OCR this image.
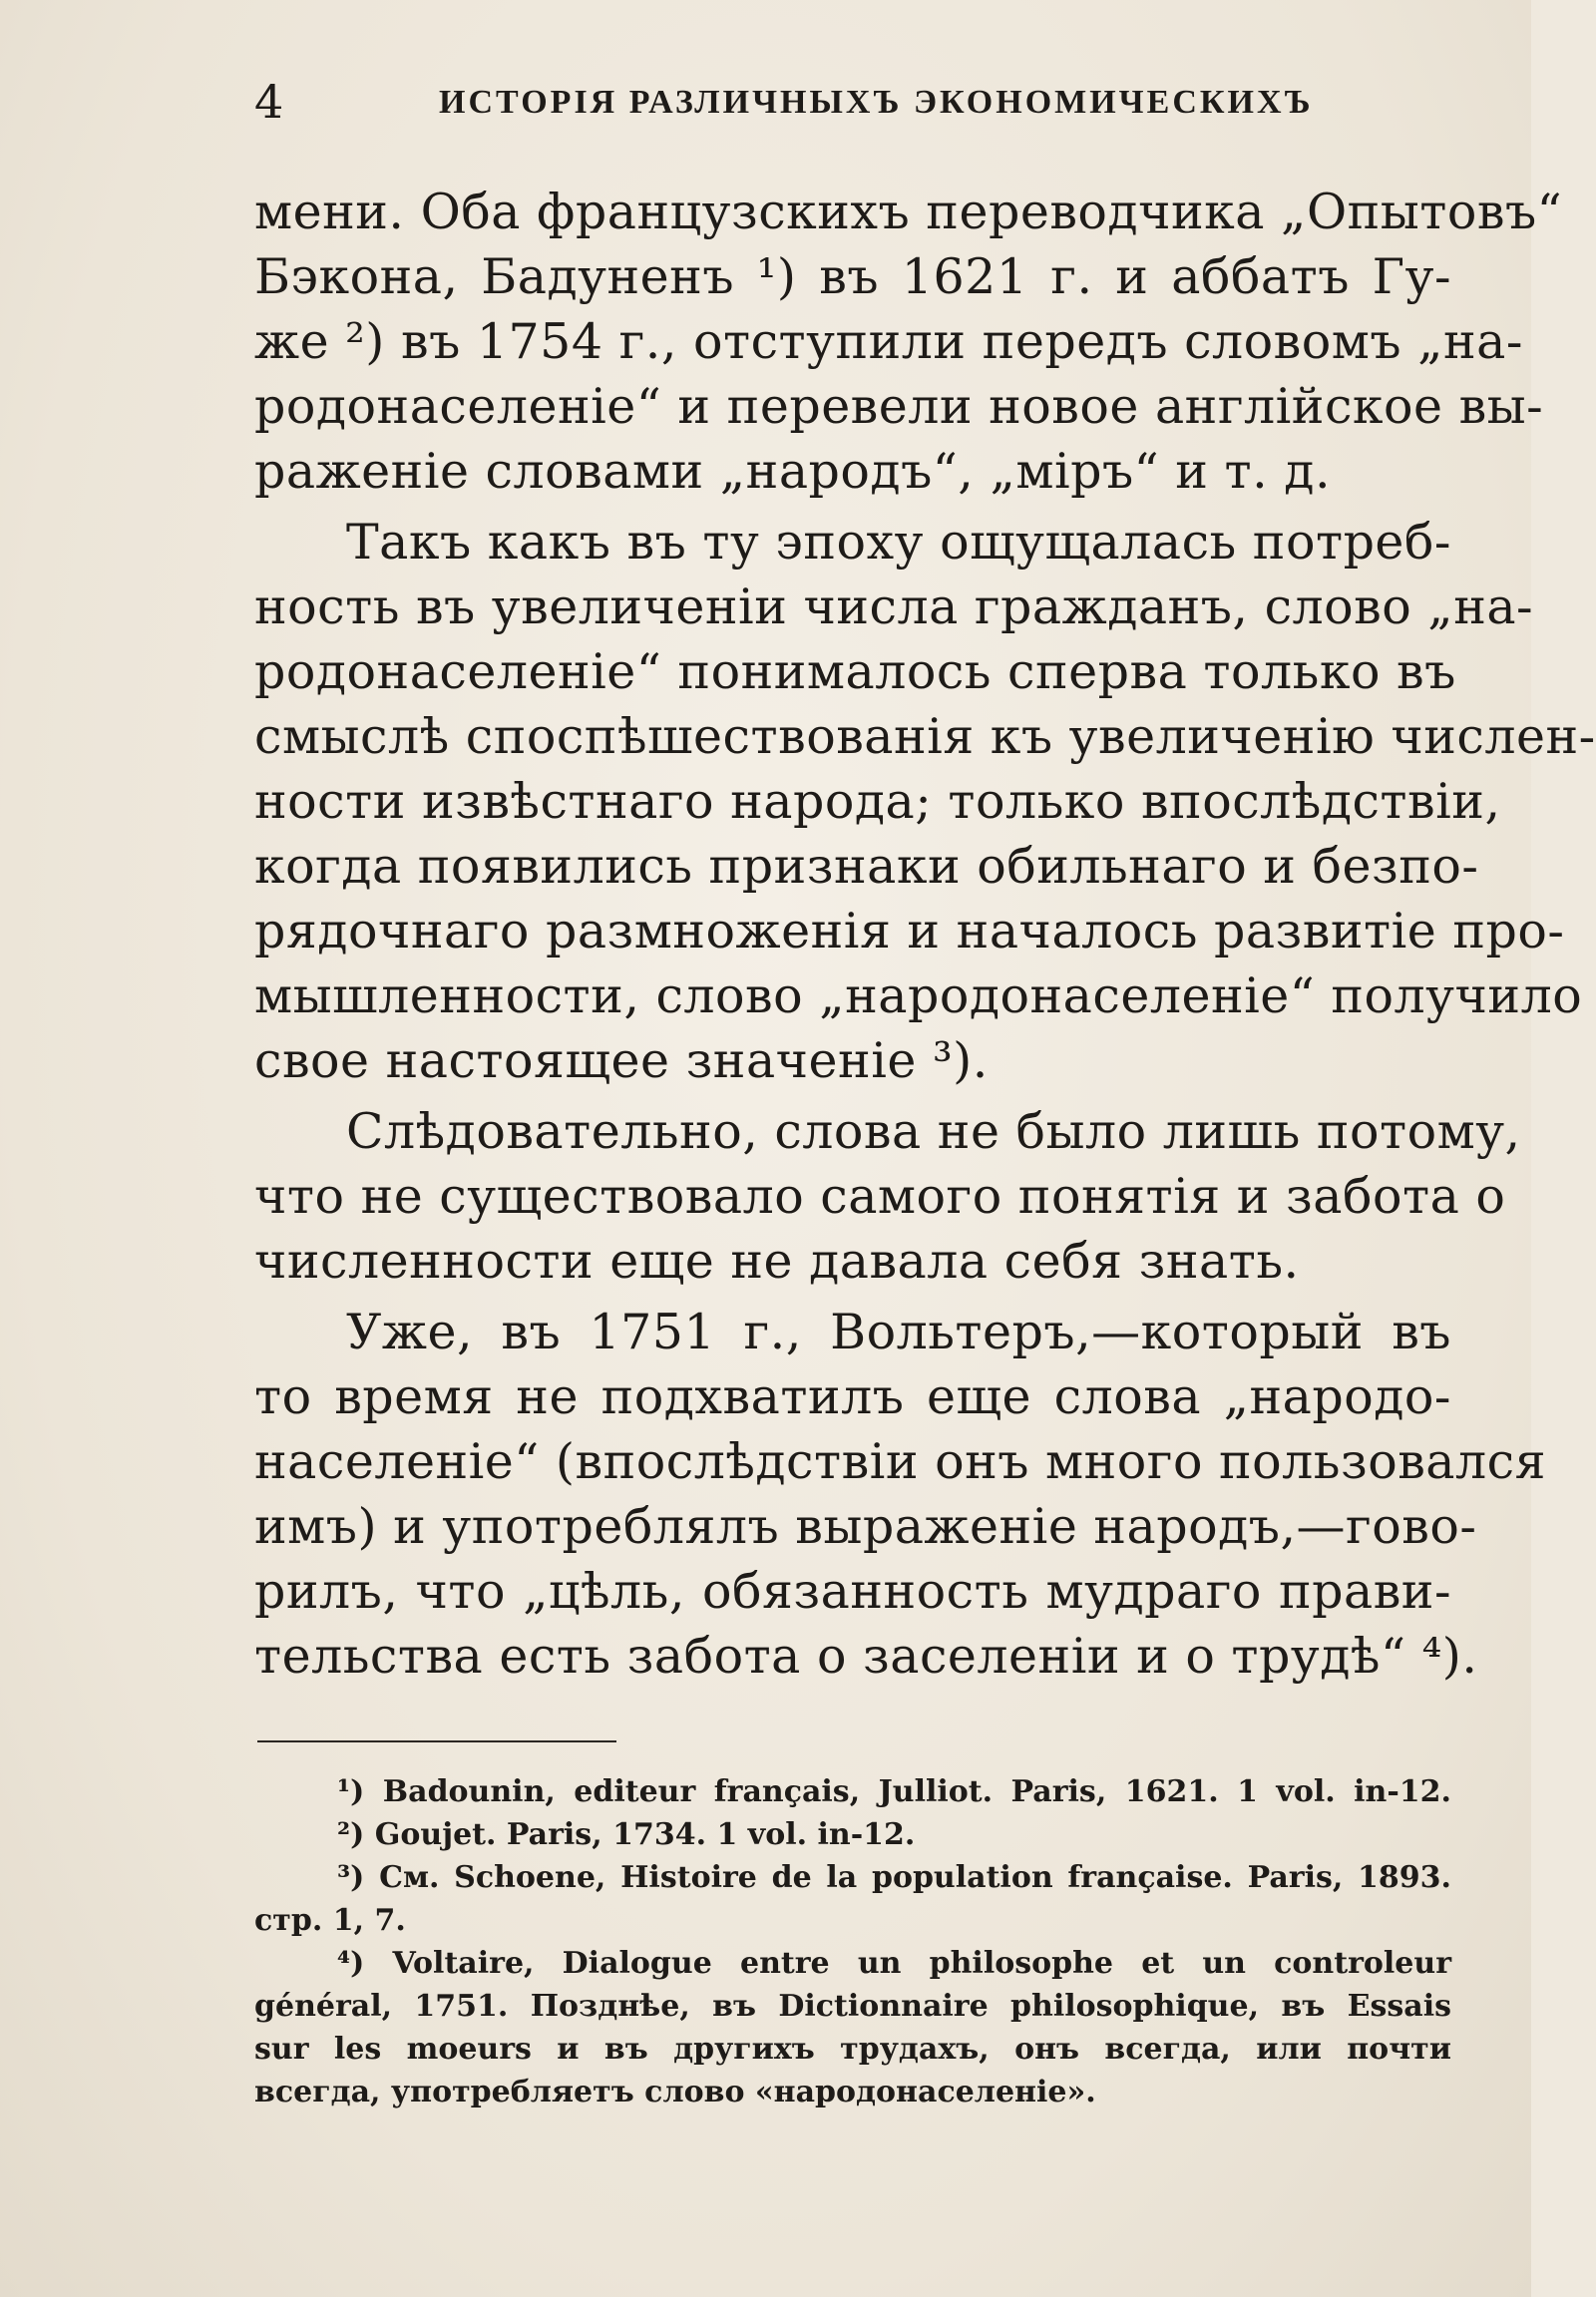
4	ИСТОРІЯ РАЗЛИЧНЫХЪ ЭКОНОМИЧЕСКИХЪ
мени. Оба французскихъ переводчика „Опытовъ“
Бэкона, Бадуненъ ¹) въ 1621 г. и аббатъ Гу-
же ²) въ 1754 г., отступили передъ словомъ „на-
родонаселеніе“ и перевели новое англійское вы-
раженіе словами „народъ“, „міръ“ и т. д.
Такъ какъ въ ту эпоху ощущалась потреб-
ность въ увеличеніи числа гражданъ, слово „на-
родонаселеніе“ понималось сперва только въ
смыслѣ споспѣшествованія къ увеличенію числен-
ности извѣстнаго народа; только впослѣдствіи,
когда появились признаки обильнаго и безпо-
рядочнаго размноженія и началось развитіе про-
мышленности, слово „народонаселеніе“ получило
свое настоящее значеніе ³).
Слѣдовательно, слова не было лишь потому,
что не существовало самого понятія и забота о
численности еще не давала себя знать.
Уже, въ 1751 г., Вольтеръ,—который въ
то время не подхватилъ еще слова „народо-
населеніе“ (впослѣдствіи онъ много пользовался
имъ) и употреблялъ выраженіе народъ,—гово-
рилъ, что „цѣль, обязанность мудраго прави-
тельства есть забота о заселеніи и о трудѣ“ ⁴).
¹) Badounin, editeur français, Julliot. Paris, 1621. 1 vol. in-12.
²) Goujet. Paris, 1734. 1 vol. in-12.
³) См. Schoene, Histoire de la population française. Paris, 1893.
стр. 1, 7.
⁴) Voltaire, Dialogue entre un philosophe et un controleur
général, 1751. Позднѣе, въ Dictionnaire philosophique, въ Essais
sur les moeurs и въ другихъ трудахъ, онъ всегда, или почти
всегда, употребляетъ слово «народонаселеніе».
